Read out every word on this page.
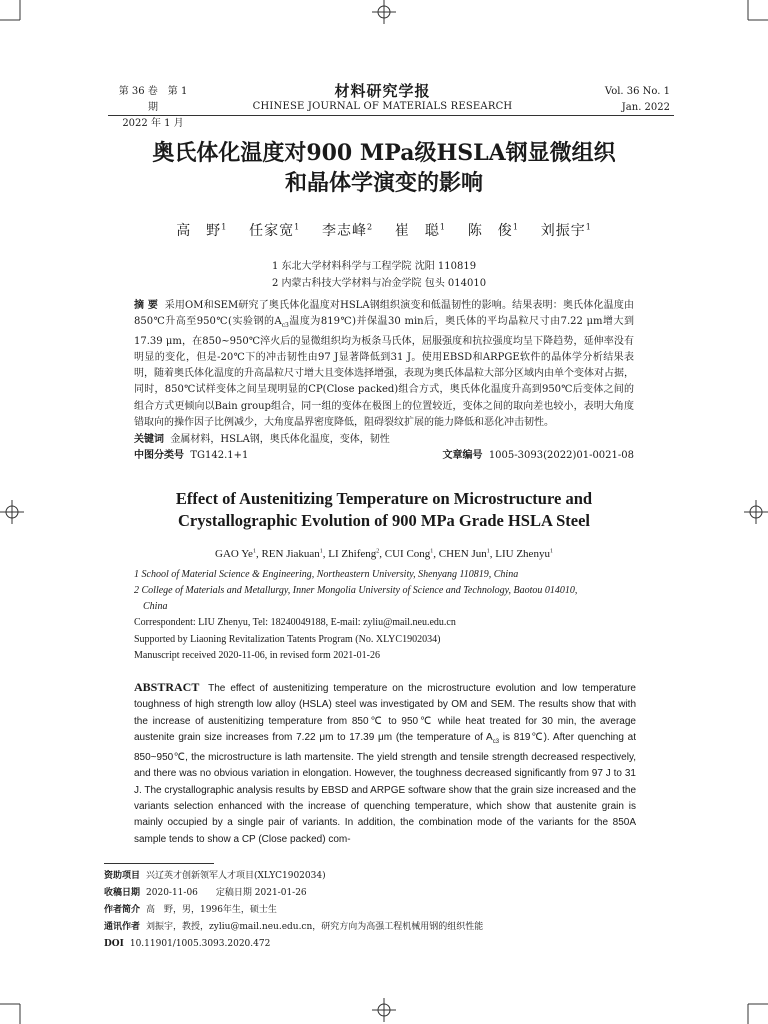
第 36 卷　第 1 期
2022 年 1 月
材料研究学报
CHINESE JOURNAL OF MATERIALS RESEARCH
Vol. 36 No. 1
Jan. 2022
奥氏体化温度对900 MPa级HSLA钢显微组织
和晶体学演变的影响
高　野$^1$ 任家宽$^1$ 李志峰$^2$ 崔　聪$^1$ 陈　俊$^1$ 刘振宇$^1$
1 东北大学材料科学与工程学院 沈阳 110819
2 内蒙古科技大学材料与冶金学院 包头 014010
摘 要 采用OM和SEM研究了奥氏体化温度对HSLA钢组织演变和低温韧性的影响。结果表明：奥氏体化温度由850℃升高至950℃(实验钢的$A_{c3}$温度为819℃)并保温30 min后，奥氏体的平均晶粒尺寸由7.22 μm增大到17.39 μm，在850~950℃淬火后的显微组织均为板条马氏体，屈服强度和抗拉强度均呈下降趋势，延伸率没有明显的变化，但是-20℃下的冲击韧性由97 J显著降低到31 J。使用EBSD和ARPGE软件的晶体学分析结果表明，随着奥氏体化温度的升高晶粒尺寸增大且变体选择增强，表现为奥氏体晶粒大部分区域内由单个变体对占据，同时，850℃试样变体之间呈现明显的CP(Close packed)组合方式，奥氏体化温度升高到950℃后变体之间的组合方式更倾向以Bain group组合，同一组的变体在极图上的位置较近，变体之间的取向差也较小，表明大角度错取向的操作因子比例减少，大角度晶界密度降低，阻碍裂纹扩展的能力降低和恶化冲击韧性。
关键词 金属材料，HSLA钢，奥氏体化温度，变体，韧性
中图分类号 TG142.1+1	文章编号 1005-3093(2022)01-0021-08
Effect of Austenitizing Temperature on Microstructure and
Crystallographic Evolution of 900 MPa Grade HSLA Steel
GAO Ye$^1$, REN Jiakuan$^1$, LI Zhifeng$^2$, CUI Cong$^1$, CHEN Jun$^1$, LIU Zhenyu$^1$
1 School of Material Science & Engineering, Northeastern University, Shenyang 110819, China
2 College of Materials and Metallurgy, Inner Mongolia University of Science and Technology, Baotou 014010,
China
Correspondent: LIU Zhenyu, Tel: 18240049188, E-mail: zyliu@mail.neu.edu.cn
Supported by Liaoning Revitalization Tatents Program (No. XLYC1902034)
Manuscript received 2020-11-06, in revised form 2021-01-26
ABSTRACT The effect of austenitizing temperature on the microstructure evolution and low temperature toughness of high strength low alloy (HSLA) steel was investigated by OM and SEM. The results show that with the increase of austenitizing temperature from 850℃ to 950℃ while heat treated for 30 min, the average austenite grain size increases from 7.22 μm to 17.39 μm (the temperature of $A_{c3}$ is 819℃). After quenching at 850~950℃, the microstructure is lath martensite. The yield strength and tensile strength decreased respectively, and there was no obvious variation in elongation. However, the toughness decreased significantly from 97 J to 31 J. The crystallographic analysis results by EBSD and ARPGE software show that the grain size increased and the variants selection enhanced with the increase of quenching temperature, which show that austenite grain is mainly occupied by a single pair of variants. In addition, the combination mode of the variants for the 850A sample tends to show a CP (Close packed) com-
资助项目 兴辽英才创新领军人才项目(XLYC1902034)
收稿日期 2020-11-06　　定稿日期 2021-01-26
作者简介 高　野，男，1996年生，硕士生
通讯作者 刘振宇，教授，zyliu@mail.neu.edu.cn，研究方向为高强工程机械用钢的组织性能
DOI 10.11901/1005.3093.2020.472
